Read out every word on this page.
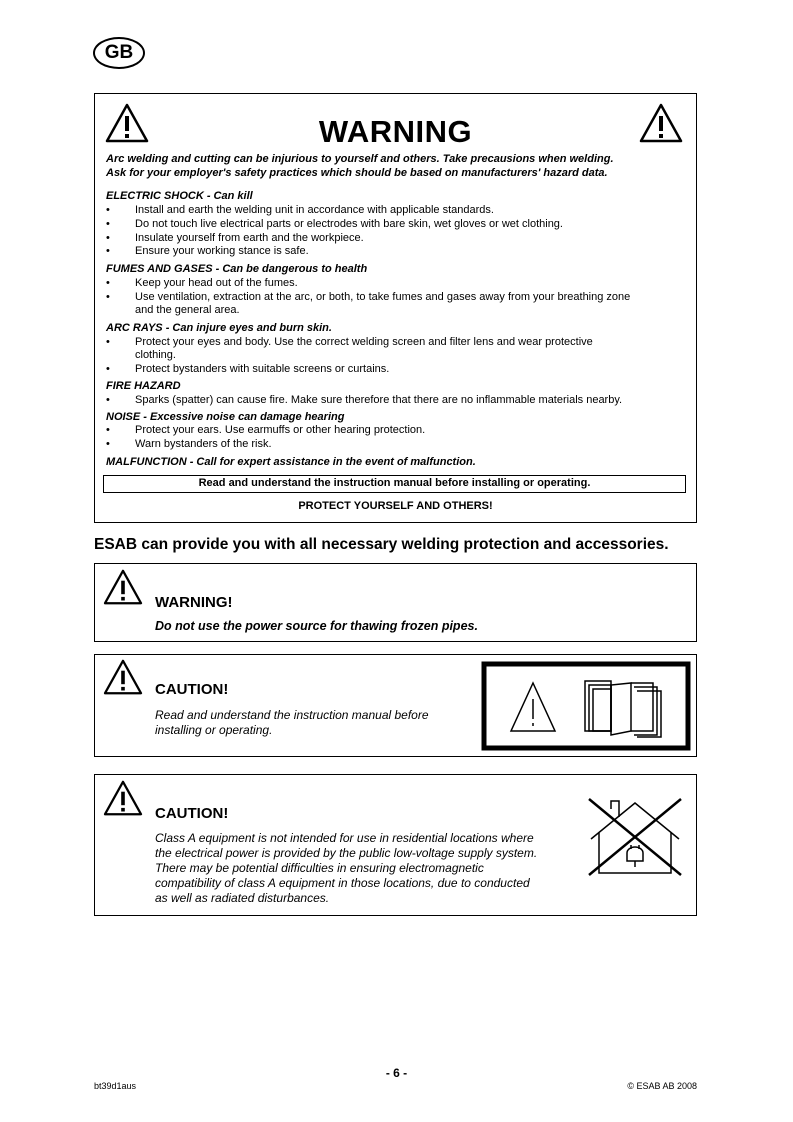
GB
WARNING
Arc welding and cutting can be injurious to yourself and others. Take precausions when welding.
Ask for your employer's safety practices which should be based on manufacturers' hazard data.
ELECTRIC SHOCK - Can kill
• Install and earth the welding unit in accordance with applicable standards.
• Do not touch live electrical parts or electrodes with bare skin, wet gloves or wet clothing.
• Insulate yourself from earth and the workpiece.
• Ensure your working stance is safe.
FUMES AND GASES - Can be dangerous to health
• Keep your head out of the fumes.
• Use ventilation, extraction at the arc, or both, to take fumes and gases away from your breathing zone
and the general area.
ARC RAYS - Can injure eyes and burn skin.
• Protect your eyes and body. Use the correct welding screen and filter lens and wear protective
clothing.
• Protect bystanders with suitable screens or curtains.
FIRE HAZARD
• Sparks (spatter) can cause fire. Make sure therefore that there are no inflammable materials nearby.
NOISE - Excessive noise can damage hearing
• Protect your ears. Use earmuffs or other hearing protection.
• Warn bystanders of the risk.
MALFUNCTION - Call for expert assistance in the event of malfunction.
Read and understand the instruction manual before installing or operating.
PROTECT YOURSELF AND OTHERS!
ESAB can provide you with all necessary welding protection and accessories.
WARNING!
Do not use the power source for thawing frozen pipes.
CAUTION!
Read and understand the instruction manual before
installing or operating.
CAUTION!
Class A equipment is not intended for use in residential locations where
the electrical power is provided by the public low-voltage supply system.
There may be potential difficulties in ensuring electromagnetic
compatibility of class A equipment in those locations, due to conducted
as well as radiated disturbances.
bt39d1aus
- 6 -
© ESAB AB 2008
